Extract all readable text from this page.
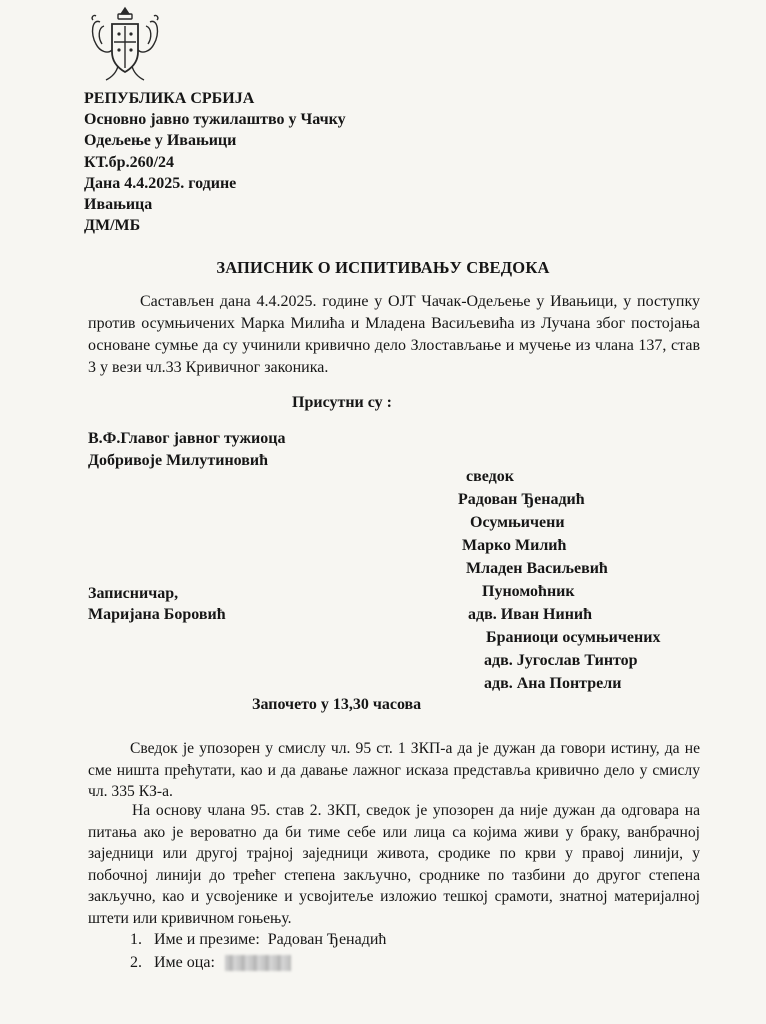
РЕПУБЛИКА СРБИЈА
Основно јавно тужилаштво у Чачку
Одељење у Ивањици
КТ.бр.260/24
Дана 4.4.2025. године
Ивањица
ДМ/МБ
ЗАПИСНИК О ИСПИТИВАЊУ СВЕДОКА
Састављен дана 4.4.2025. године у ОЈТ Чачак-Одељење у Ивањици, у поступку против осумњичених Марка Милића и Младена Васиљевића из Лучана због постојања основане сумње да су учинили кривично дело Злостављање и мучење из члана 137, став 3 у вези чл.33 Кривичног законика.
Присутни су :
В.Ф.Главог јавног тужиоца
Добривоје Милутиновић
Записничар,
Маријана Боровић
сведок
Радован Ђенадић
Осумњичени
Марко Милић
Младен Васиљевић
Пуномоћник
адв. Иван Нинић
Браниоци осумњичених
адв. Југослав Тинтор
адв. Ана Понтрели
Започето у 13,30 часова
Сведок је упозорен у смислу чл. 95 ст. 1 ЗКП-а да је дужан да говори истину, да не сме ништа прећутати, као и да давање лажног исказа представља кривично дело у смислу чл. 335 КЗ-а.
На основу члана 95. став 2. ЗКП, сведок је упозорен да није дужан да одговара на питања ако је вероватно да би тиме себе или лица са којима живи у браку, ванбрачној заједници или другој трајној заједници живота, сродике по крви у правој линији, у побочној линији до трећег степена закључно, сроднике по тазбини до другог степена закључно, као и усвојенике и усвојитеље изложио тешкој срамоти, знатној материјалној штети или кривичном гоњењу.
1. Име и презиме: Радован Ђенадић
2. Име оца:
